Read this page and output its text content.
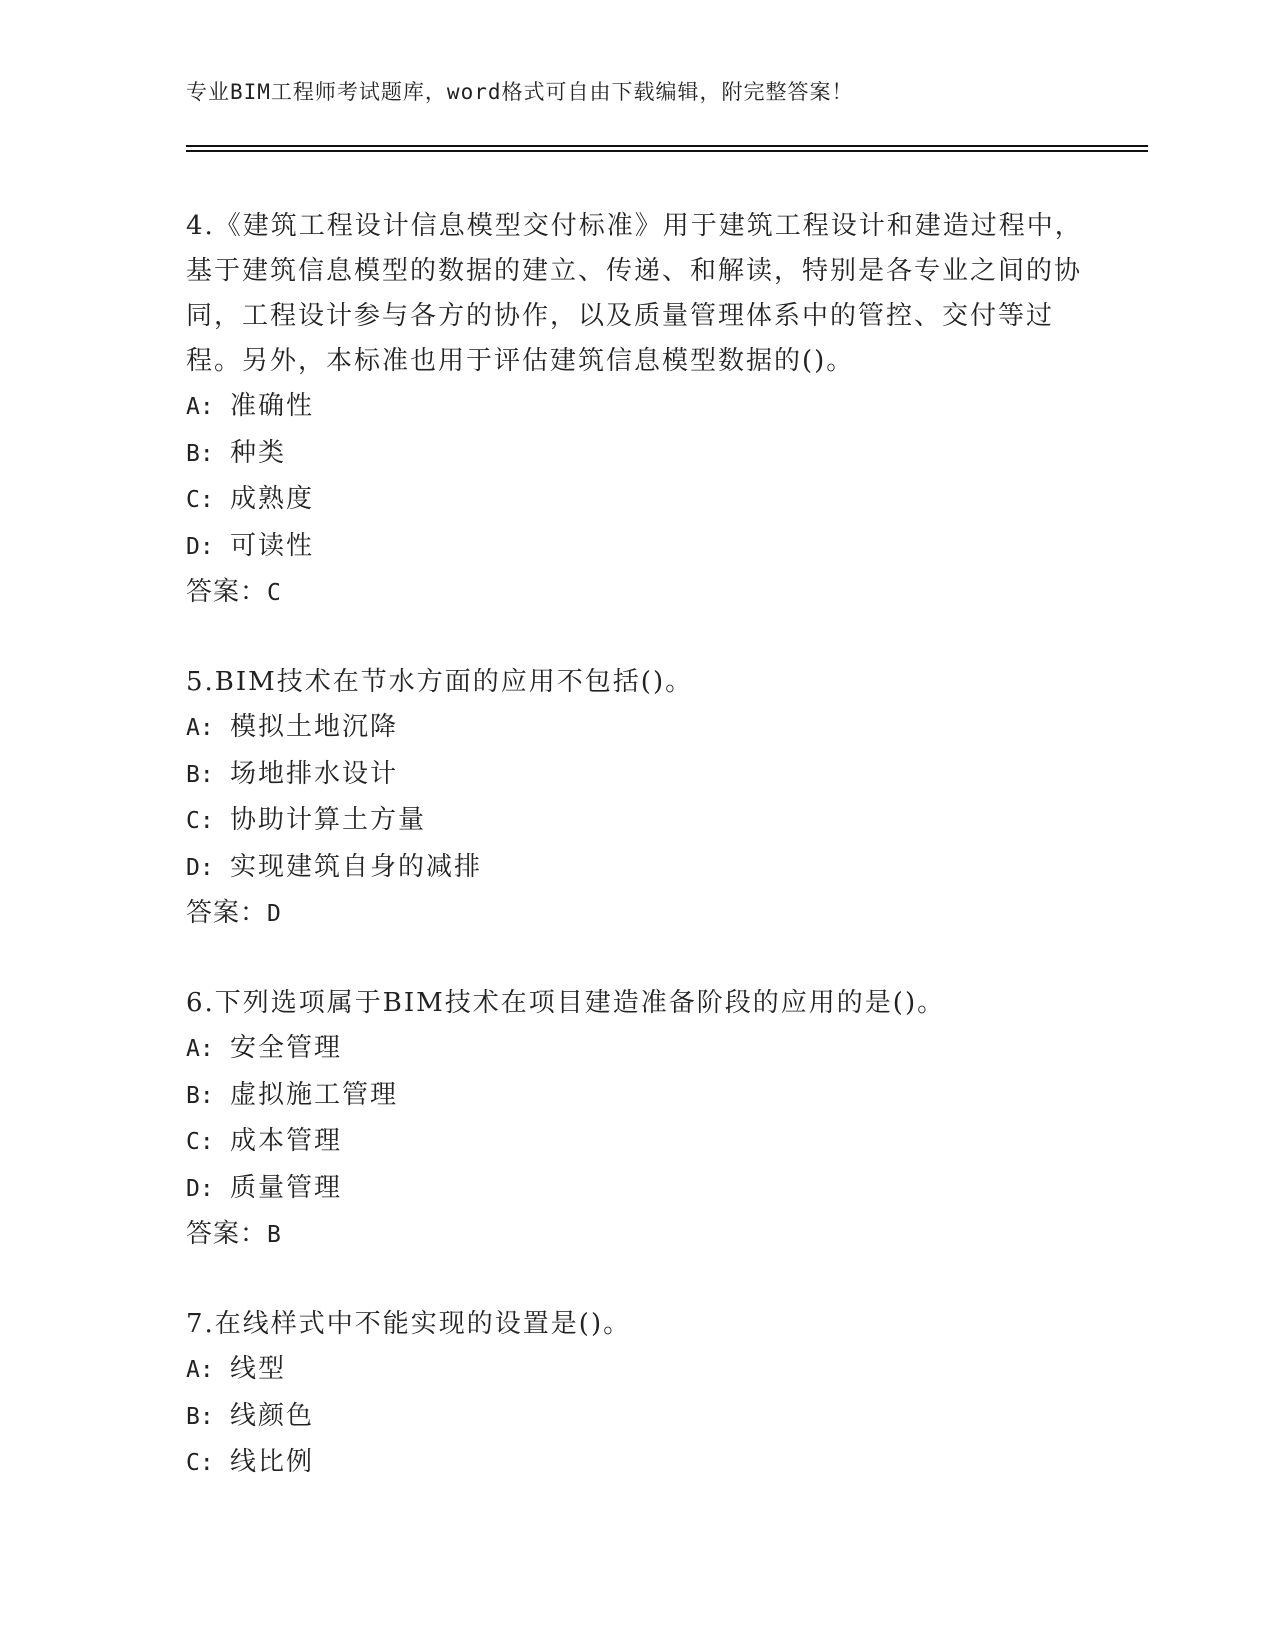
专业BIM工程师考试题库，word格式可自由下载编辑，附完整答案！

4.《建筑工程设计信息模型交付标准》用于建筑工程设计和建造过程中，基于建筑信息模型的数据的建立、传递、和解读，特别是各专业之间的协同，工程设计参与各方的协作，以及质量管理体系中的管控、交付等过程。另外，本标准也用于评估建筑信息模型数据的()。

A: 准确性

B: 种类

C: 成熟度

D: 可读性

答案：C

5.BIM技术在节水方面的应用不包括()。

A: 模拟土地沉降

B: 场地排水设计

C: 协助计算土方量

D: 实现建筑自身的减排

答案：D

6.下列选项属于BIM技术在项目建造准备阶段的应用的是()。

A: 安全管理

B: 虚拟施工管理

C: 成本管理

D: 质量管理

答案：B

7.在线样式中不能实现的设置是()。

A: 线型

B: 线颜色

C: 线比例
